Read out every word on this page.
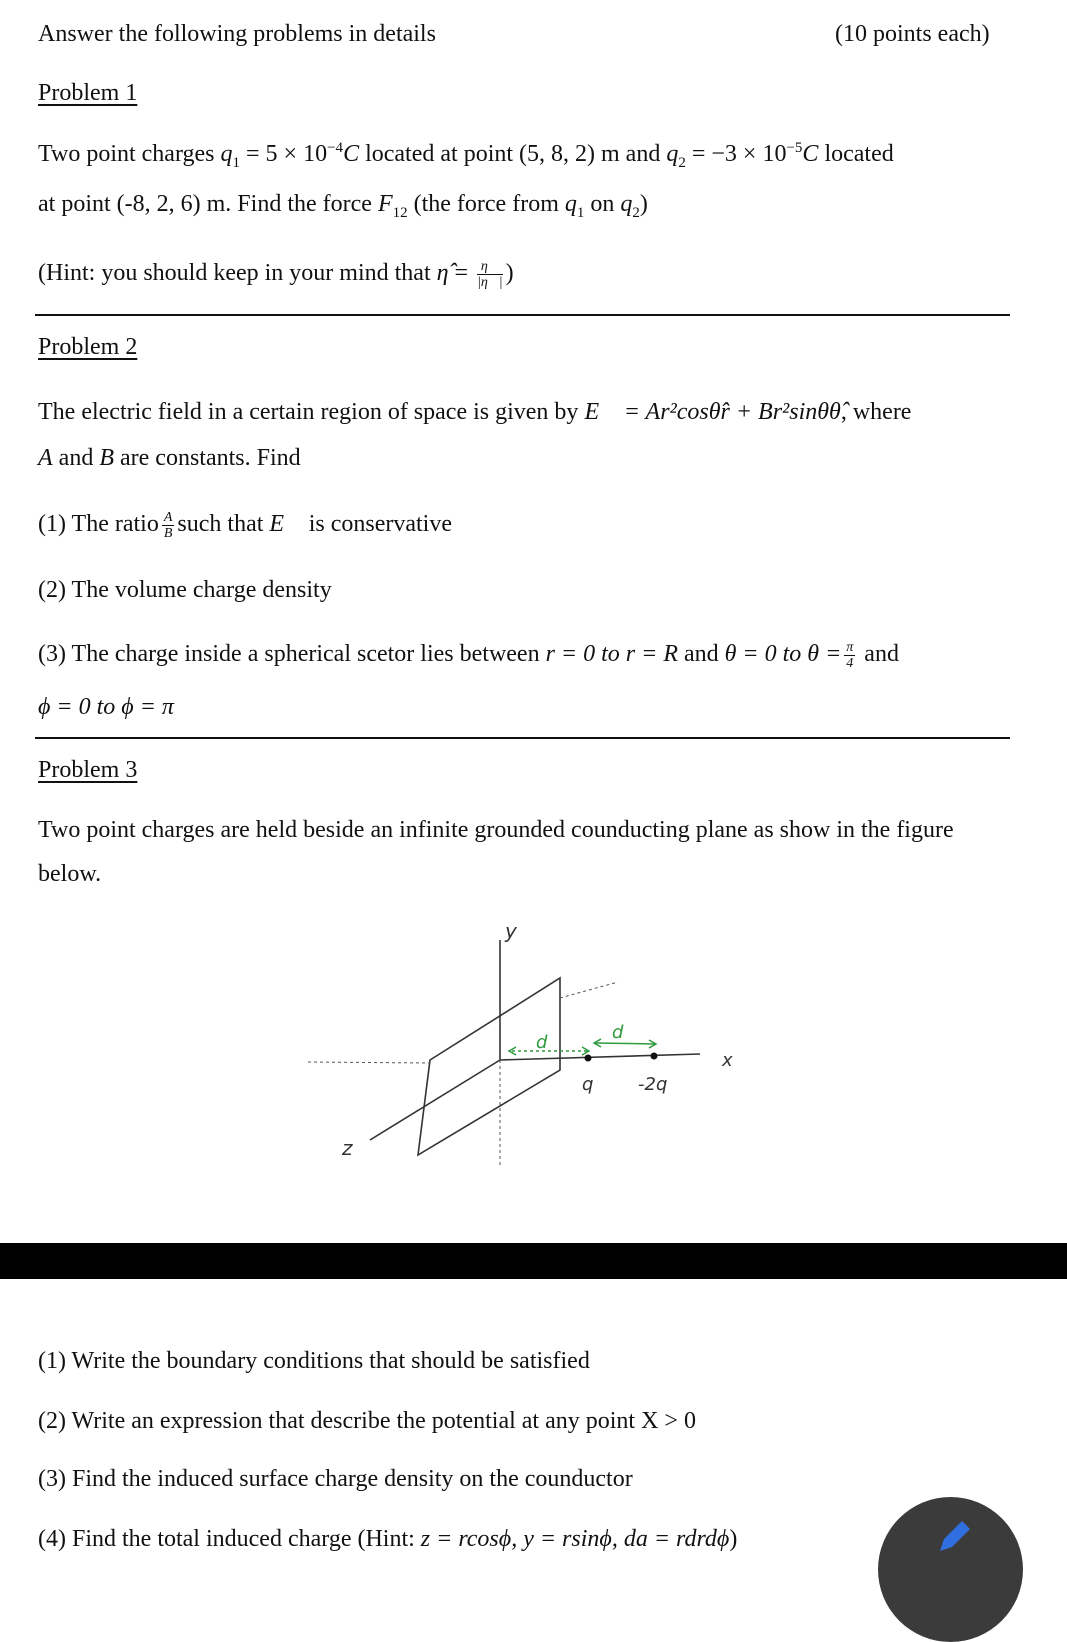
Answer the following problems in details	(10 points each)
Problem 1
Two point charges $q_1 = 5 \times 10^{-4}C$ located at point (5, 8, 2) m and $q_2 = -3 \times 10^{-5}C$ located
at point (-8, 2, 6) m. Find the force $F_{12}$ (the force from $q_1$ on $q_2$)
(Hint: you should keep in your mind that η̂ = $\frac{\eta⃗}{|\eta⃗|}$ )
Problem 2
The electric field in a certain region of space is given by E⃗ = Ar²cosθr̂ + Br²sinθθ̂, where
A and B are constants. Find
(1) The ratio $\frac{A}{B}$ such that E⃗ is conservative
(2) The volume charge density
(3) The charge inside a spherical scetor lies between r = 0 to r = R and θ = 0 to $\theta = \frac{\pi}{4}$ and
ϕ = 0 to ϕ = π
Problem 3
Two point charges are held beside an infinite grounded counducting plane as show in the figure
below.
y
z
x
d	d
q -2q
(1) Write the boundary conditions that should be satisfied
(2) Write an expression that describe the potential at any point X > 0
(3) Find the induced surface charge density on the counductor
(4) Find the total induced charge (Hint: z = rcosϕ, y = rsinϕ, da = rdrdϕ)
